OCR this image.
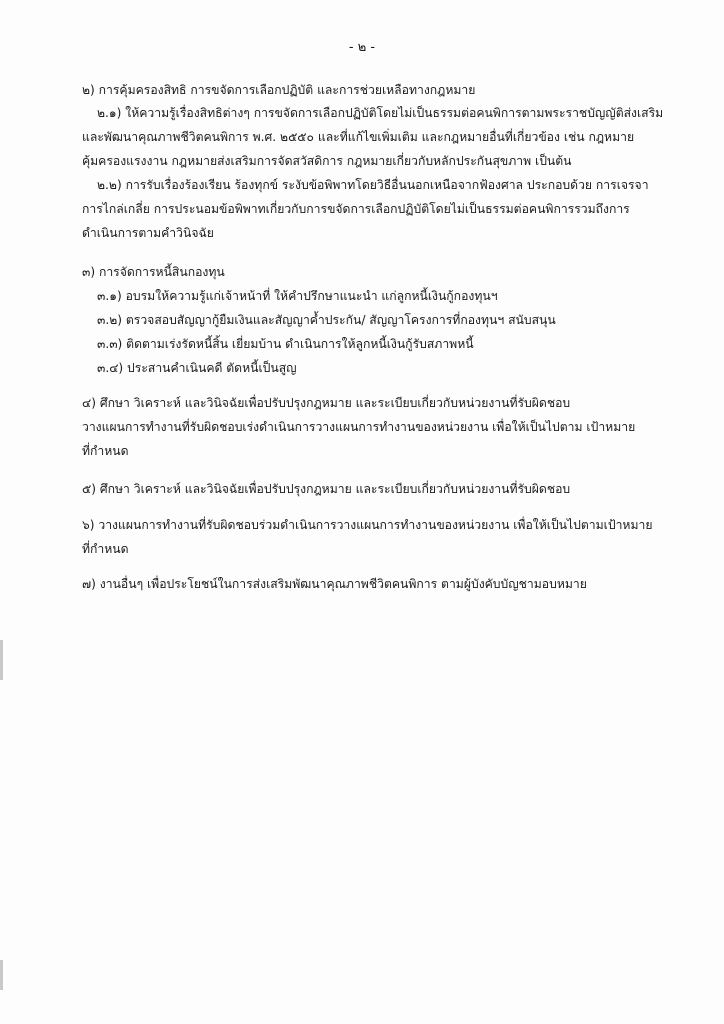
- ๒ -
๒) การคุ้มครองสิทธิ การขจัดการเลือกปฏิบัติ และการช่วยเหลือทางกฎหมาย
๒.๑) ให้ความรู้เรื่องสิทธิต่างๆ การขจัดการเลือกปฏิบัติโดยไม่เป็นธรรมต่อคนพิการตามพระราชบัญญัติส่งเสริม
และพัฒนาคุณภาพชีวิตคนพิการ พ.ศ. ๒๕๕๐ และที่แก้ไขเพิ่มเติม และกฎหมายอื่นที่เกี่ยวข้อง เช่น กฎหมาย
คุ้มครองแรงงาน กฎหมายส่งเสริมการจัดสวัสดิการ กฎหมายเกี่ยวกับหลักประกันสุขภาพ เป็นต้น
๒.๒) การรับเรื่องร้องเรียน ร้องทุกข์ ระงับข้อพิพาทโดยวิธีอื่นนอกเหนือจากฟ้องศาล ประกอบด้วย การเจรจา
การไกล่เกลี่ย การประนอมข้อพิพาทเกี่ยวกับการขจัดการเลือกปฏิบัติโดยไม่เป็นธรรมต่อคนพิการรวมถึงการ
ดำเนินการตามคำวินิจฉัย
๓) การจัดการหนี้สินกองทุน
๓.๑) อบรมให้ความรู้แก่เจ้าหน้าที่ ให้คำปรึกษาแนะนำ แก่ลูกหนี้เงินกู้กองทุนฯ
๓.๒) ตรวจสอบสัญญากู้ยืมเงินและสัญญาค้ำประกัน/ สัญญาโครงการที่กองทุนฯ สนับสนุน
๓.๓) ติดตามเร่งรัดหนี้สิ้น เยี่ยมบ้าน ดำเนินการให้ลูกหนี้เงินกู้รับสภาพหนี้
๓.๔) ประสานคำเนินคดี ตัดหนี้เป็นสูญ
๔) ศึกษา วิเคราะห์ และวินิจฉัยเพื่อปรับปรุงกฎหมาย และระเบียบเกี่ยวกับหน่วยงานที่รับผิดชอบ
วางแผนการทำงานที่รับผิดชอบเร่งดำเนินการวางแผนการทำงานของหน่วยงาน เพื่อให้เป็นไปตาม เป้าหมาย
ที่กำหนด
๕) ศึกษา วิเคราะห์ และวินิจฉัยเพื่อปรับปรุงกฎหมาย และระเบียบเกี่ยวกับหน่วยงานที่รับผิดชอบ
๖) วางแผนการทำงานที่รับผิดชอบร่วมดำเนินการวางแผนการทำงานของหน่วยงาน เพื่อให้เป็นไปตามเป้าหมาย
ที่กำหนด
๗) งานอื่นๆ เพื่อประโยชน์ในการส่งเสริมพัฒนาคุณภาพชีวิตคนพิการ ตามผู้บังคับบัญชามอบหมาย
